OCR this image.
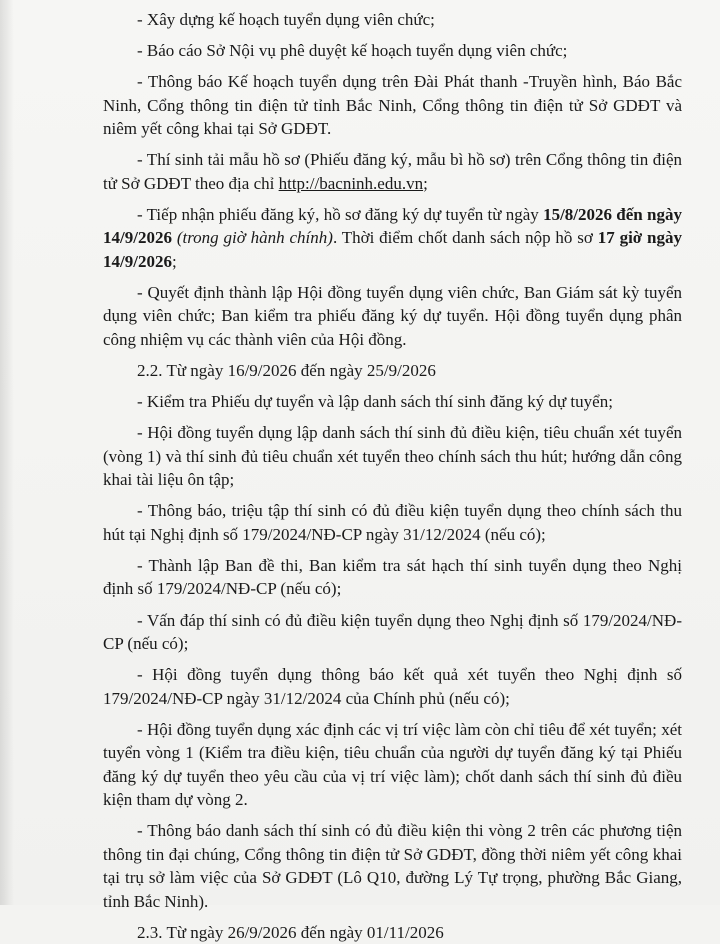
- Xây dựng kế hoạch tuyển dụng viên chức;

- Báo cáo Sở Nội vụ phê duyệt kế hoạch tuyển dụng viên chức;

- Thông báo Kế hoạch tuyển dụng trên Đài Phát thanh -Truyền hình, Báo Bắc Ninh, Cổng thông tin điện tử tỉnh Bắc Ninh, Cổng thông tin điện tử Sở GDĐT và niêm yết công khai tại Sở GDĐT.

- Thí sinh tải mẫu hồ sơ (Phiếu đăng ký, mẫu bì hồ sơ) trên Cổng thông tin điện tử Sở GDĐT theo địa chỉ http://bacninh.edu.vn;

- Tiếp nhận phiếu đăng ký, hồ sơ đăng ký dự tuyển từ ngày 15/8/2026 đến ngày 14/9/2026 (trong giờ hành chính). Thời điểm chốt danh sách nộp hồ sơ 17 giờ ngày 14/9/2026;

- Quyết định thành lập Hội đồng tuyển dụng viên chức, Ban Giám sát kỳ tuyển dụng viên chức; Ban kiểm tra phiếu đăng ký dự tuyển. Hội đồng tuyển dụng phân công nhiệm vụ các thành viên của Hội đồng.

2.2. Từ ngày 16/9/2026 đến ngày 25/9/2026

- Kiểm tra Phiếu dự tuyển và lập danh sách thí sinh đăng ký dự tuyển;

- Hội đồng tuyển dụng lập danh sách thí sinh đủ điều kiện, tiêu chuẩn xét tuyển (vòng 1) và thí sinh đủ tiêu chuẩn xét tuyển theo chính sách thu hút; hướng dẫn công khai tài liệu ôn tập;

- Thông báo, triệu tập thí sinh có đủ điều kiện tuyển dụng theo chính sách thu hút tại Nghị định số 179/2024/NĐ-CP ngày 31/12/2024 (nếu có);

- Thành lập Ban đề thi, Ban kiểm tra sát hạch thí sinh tuyển dụng theo Nghị định số 179/2024/NĐ-CP (nếu có);

- Vấn đáp thí sinh có đủ điều kiện tuyển dụng theo Nghị định số 179/2024/NĐ-CP (nếu có);

- Hội đồng tuyển dụng thông báo kết quả xét tuyển theo Nghị định số 179/2024/NĐ-CP ngày 31/12/2024 của Chính phủ (nếu có);

- Hội đồng tuyển dụng xác định các vị trí việc làm còn chỉ tiêu để xét tuyển; xét tuyển vòng 1 (Kiểm tra điều kiện, tiêu chuẩn của người dự tuyển đăng ký tại Phiếu đăng ký dự tuyển theo yêu cầu của vị trí việc làm); chốt danh sách thí sinh đủ điều kiện tham dự vòng 2.

- Thông báo danh sách thí sinh có đủ điều kiện thi vòng 2 trên các phương tiện thông tin đại chúng, Cổng thông tin điện tử Sở GDĐT, đồng thời niêm yết công khai tại trụ sở làm việc của Sở GDĐT (Lô Q10, đường Lý Tự trọng, phường Bắc Giang, tỉnh Bắc Ninh).

2.3. Từ ngày 26/9/2026 đến ngày 01/11/2026
